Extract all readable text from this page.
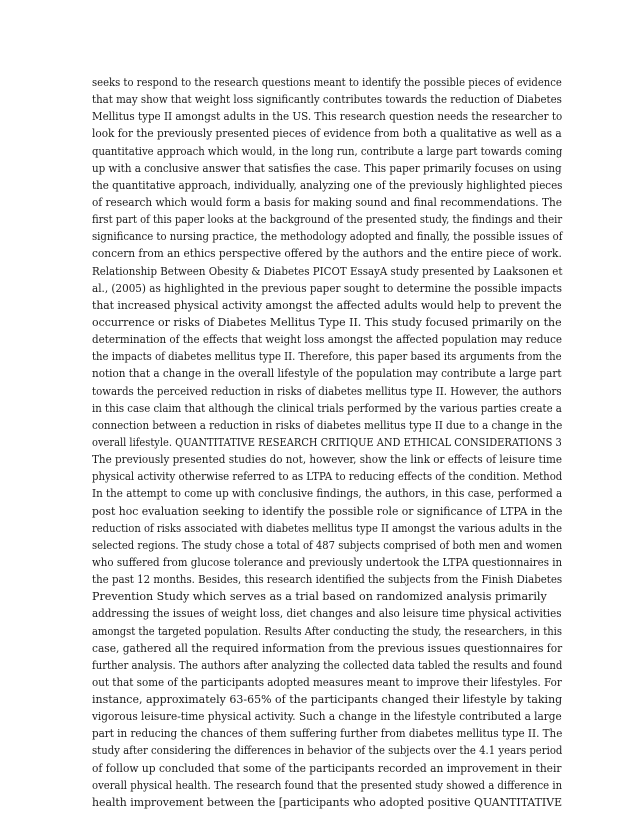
seeks to respond to the research questions meant to identify the possible pieces of evidence
that may show that weight loss significantly contributes towards the reduction of Diabetes
Mellitus type II amongst adults in the US. This research question needs the researcher to
look for the previously presented pieces of evidence from both a qualitative as well as a
quantitative approach which would, in the long run, contribute a large part towards coming
up with a conclusive answer that satisfies the case. This paper primarily focuses on using
the quantitative approach, individually, analyzing one of the previously highlighted pieces
of research which would form a basis for making sound and final recommendations. The
first part of this paper looks at the background of the presented study, the findings and their
significance to nursing practice, the methodology adopted and finally, the possible issues of
concern from an ethics perspective offered by the authors and the entire piece of work.
Relationship Between Obesity & Diabetes PICOT EssayA study presented by Laaksonen et
al., (2005) as highlighted in the previous paper sought to determine the possible impacts
that increased physical activity amongst the affected adults would help to prevent the
occurrence or risks of Diabetes Mellitus Type II. This study focused primarily on the
determination of the effects that weight loss amongst the affected population may reduce
the impacts of diabetes mellitus type II. Therefore, this paper based its arguments from the
notion that a change in the overall lifestyle of the population may contribute a large part
towards the perceived reduction in risks of diabetes mellitus type II. However, the authors
in this case claim that although the clinical trials performed by the various parties create a
connection between a reduction in risks of diabetes mellitus type II due to a change in the
overall lifestyle. QUANTITATIVE RESEARCH CRITIQUE AND ETHICAL CONSIDERATIONS 3
The previously presented studies do not, however, show the link or effects of leisure time
physical activity otherwise referred to as LTPA to reducing effects of the condition. Method
In the attempt to come up with conclusive findings, the authors, in this case, performed a
post hoc evaluation seeking to identify the possible role or significance of LTPA in the
reduction of risks associated with diabetes mellitus type II amongst the various adults in the
selected regions. The study chose a total of 487 subjects comprised of both men and women
who suffered from glucose tolerance and previously undertook the LTPA questionnaires in
the past 12 months. Besides, this research identified the subjects from the Finish Diabetes
Prevention Study which serves as a trial based on randomized analysis primarily
addressing the issues of weight loss, diet changes and also leisure time physical activities
amongst the targeted population. Results After conducting the study, the researchers, in this
case, gathered all the required information from the previous issues questionnaires for
further analysis. The authors after analyzing the collected data tabled the results and found
out that some of the participants adopted measures meant to improve their lifestyles. For
instance, approximately 63-65% of the participants changed their lifestyle by taking
vigorous leisure-time physical activity. Such a change in the lifestyle contributed a large
part in reducing the chances of them suffering further from diabetes mellitus type II. The
study after considering the differences in behavior of the subjects over the 4.1 years period
of follow up concluded that some of the participants recorded an improvement in their
overall physical health. The research found that the presented study showed a difference in
health improvement between the [participants who adopted positive QUANTITATIVE
